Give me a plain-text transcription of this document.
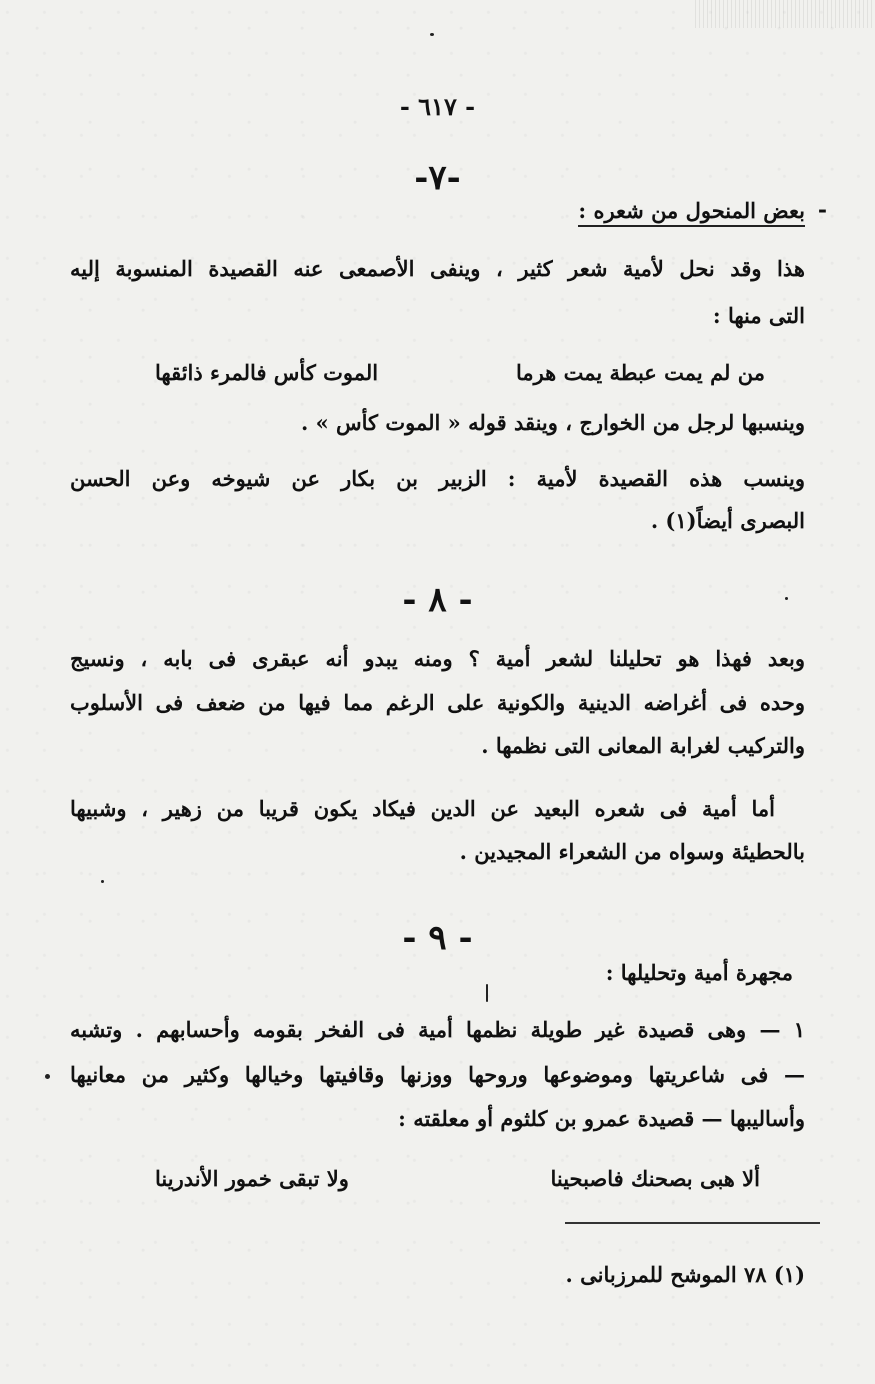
- ٦١٧ -
-٧-
-
بعض المنحول من شعره :
هذا وقد نحل لأمية شعر كثير ، وينفى الأصمعى عنه القصيدة المنسوبة إليه
التى منها :
من لم يمت عبطة يمت هرما
الموت كأس فالمرء ذائقها
وينسبها لرجل من الخوارج ، وينقد قوله « الموت كأس » .
وينسب هذه القصيدة لأمية : الزبير بن بكار عن شيوخه وعن الحسن
البصرى أيضاً(١) .
- ٨ -
وبعد فهذا هو تحليلنا لشعر أمية ؟ ومنه يبدو أنه عبقرى فى بابه ، ونسيج
وحده فى أغراضه الدينية والكونية على الرغم مما فيها من ضعف فى الأسلوب
والتركيب لغرابة المعانى التى نظمها .
أما أمية فى شعره البعيد عن الدين فيكاد يكون قريبا من زهير ، وشبيها
بالحطيئة وسواه من الشعراء المجيدين .
- ٩ -
مجهرة أمية وتحليلها :
١ — وهى قصيدة غير طويلة نظمها أمية فى الفخر بقومه وأحسابهم . وتشبه
— فى شاعريتها وموضوعها وروحها ووزنها وقافيتها وخيالها وكثير من معانيها
وأساليبها — قصيدة عمرو بن كلثوم أو معلقته :
ألا هبى بصحنك فاصبحينا
ولا تبقى خمور الأندرينا
(١) ٧٨ الموشح للمرزبانى .
